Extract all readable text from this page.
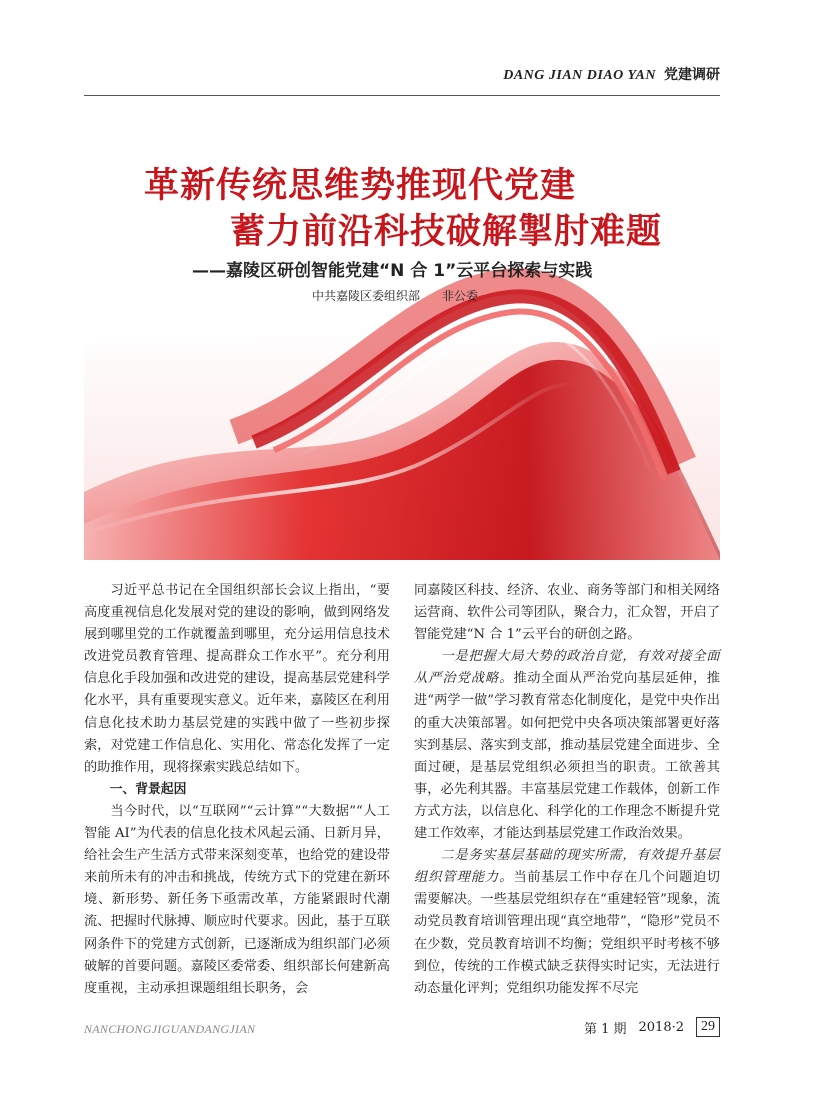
DANG JIAN DIAO YAN 党建调研
革新传统思维势推现代党建
蓄力前沿科技破解掣肘难题
——嘉陵区研创智能党建“N 合 1”云平台探索与实践
中共嘉陵区委组织部 非公委

习近平总书记在全国组织部长会议上指出，“要高度重视信息化发展对党的建设的影响，做到网络发展到哪里党的工作就覆盖到哪里，充分运用信息技术改进党员教育管理、提高群众工作水平”。充分利用信息化手段加强和改进党的建设，提高基层党建科学化水平，具有重要现实意义。近年来，嘉陵区在利用信息化技术助力基层党建的实践中做了一些初步探索，对党建工作信息化、实用化、常态化发挥了一定的助推作用，现将探索实践总结如下。

一、背景起因

当今时代，以“互联网”“云计算”“大数据”“人工智能 AI”为代表的信息化技术风起云涌、日新月异，给社会生产生活方式带来深刻变革，也给党的建设带来前所未有的冲击和挑战，传统方式下的党建在新环境、新形势、新任务下亟需改革，方能紧跟时代潮流、把握时代脉搏、顺应时代要求。因此，基于互联网条件下的党建方式创新，已逐渐成为组织部门必须破解的首要问题。嘉陵区委常委、组织部长何建新高度重视，主动承担课题组组长职务，会

同嘉陵区科技、经济、农业、商务等部门和相关网络运营商、软件公司等团队，聚合力，汇众智，开启了智能党建“N 合 1”云平台的研创之路。

一是把握大局大势的政治自觉，有效对接全面从严治党战略。推动全面从严治党向基层延伸，推进“两学一做”学习教育常态化制度化，是党中央作出的重大决策部署。如何把党中央各项决策部署更好落实到基层、落实到支部，推动基层党建全面进步、全面过硬，是基层党组织必须担当的职责。工欲善其事，必先利其器。丰富基层党建工作载体，创新工作方式方法，以信息化、科学化的工作理念不断提升党建工作效率，才能达到基层党建工作政治效果。

二是务实基层基础的现实所需，有效提升基层组织管理能力。当前基层工作中存在几个问题迫切需要解决。一些基层党组织存在“重建轻管”现象，流动党员教育培训管理出现“真空地带”，“隐形”党员不在少数，党员教育培训不均衡；党组织平时考核不够到位，传统的工作模式缺乏获得实时记实，无法进行动态量化评判；党组织功能发挥不尽完

NANCHONGJIGUANDANGJIAN	第 1 期 2018·2	29
